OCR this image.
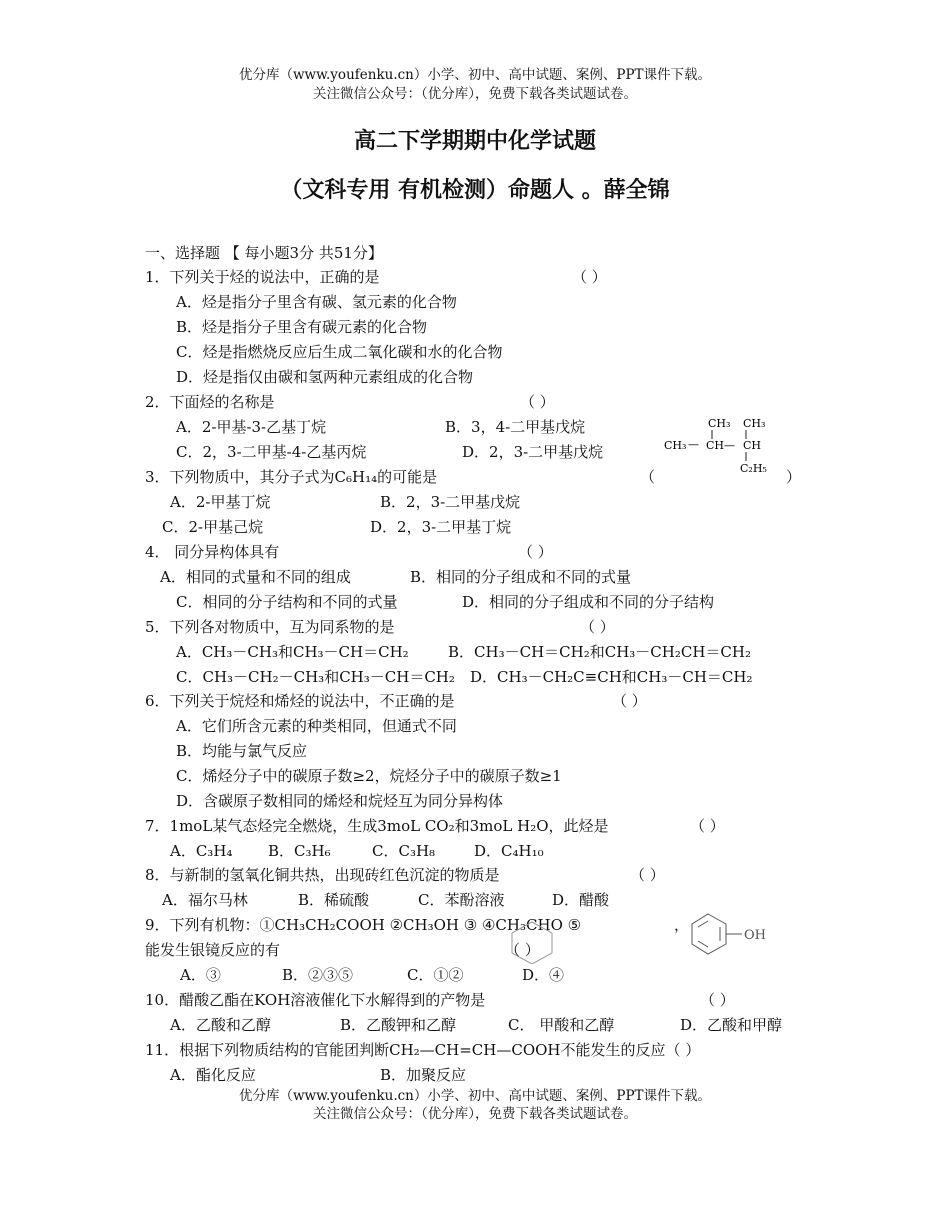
优分库（www.youfenku.cn）小学、初中、高中试题、案例、PPT课件下载。
关注微信公众号：（优分库），免费下载各类试题试卷。
高二下学期期中化学试题
（文科专用 有机检测）命题人 。薛全锦
一、选择题 【 每小题3分 共51分】
1．下列关于烃的说法中，正确的是	（ ）
A．烃是指分子里含有碳、氢元素的化合物
B．烃是指分子里含有碳元素的化合物
C．烃是指燃烧反应后生成二氧化碳和水的化合物
D．烃是指仅由碳和氢两种元素组成的化合物
2．下面烃的名称是	（ ）
A．2-甲基-3-乙基丁烷	B．3，4-二甲基戊烷
C．2，3-二甲基-4-乙基丙烷	D．2，3-二甲基戊烷
CH₃ CH₃
CH₃ — CH— CH
C₂H₅
3．下列物质中，其分子式为C₆H₁₄的可能是	（	）
A．2-甲基丁烷	B．2，3-二甲基戊烷
C．2-甲基己烷	D．2，3-二甲基丁烷
4． 同分异构体具有	（ ）
A．相同的式量和不同的组成	B．相同的分子组成和不同的式量
C．相同的分子结构和不同的式量	D．相同的分子组成和不同的分子结构
5．下列各对物质中，互为同系物的是	（ ）
A．CH₃－CH₃和CH₃－CH＝CH₂	B．CH₃－CH＝CH₂和CH₃－CH₂CH＝CH₂
C．CH₃－CH₂－CH₃和CH₃－CH＝CH₂ D．CH₃－CH₂C≡CH和CH₃－CH＝CH₂
6．下列关于烷烃和烯烃的说法中，不正确的是	（ ）
A．它们所含元素的种类相同，但通式不同
B．均能与氯气反应
C．烯烃分子中的碳原子数≥2，烷烃分子中的碳原子数≥1
D．含碳原子数相同的烯烃和烷烃互为同分异构体
7．1moL某气态烃完全燃烧，生成3moL CO₂和3moL H₂O，此烃是	（ ）
A．C₃H₄ B．C₃H₆	C．C₃H₈	D．C₄H₁₀
8．与新制的氢氧化铜共热，出现砖红色沉淀的物质是	（ ）
A．福尔马林	B．稀硫酸	C．苯酚溶液	D．醋酸
9．下列有机物：①CH₃CH₂COOH ②CH₃OH ③ ④CH₃CHO ⑤	，
OH
能发生银镜反应的有	（ ）
A．③	B．②③⑤	C．①②	D．④
10．醋酸乙酯在KOH溶液催化下水解得到的产物是	（ ）
A．乙酸和乙醇	B．乙酸钾和乙醇	C． 甲酸和乙醇	D．乙酸和甲醇
11．根据下列物质结构的官能团判断CH₂—CH=CH—COOH不能发生的反应（ ）
A．酯化反应	B．加聚反应
优分库（www.youfenku.cn）小学、初中、高中试题、案例、PPT课件下载。
关注微信公众号：（优分库），免费下载各类试题试卷。
